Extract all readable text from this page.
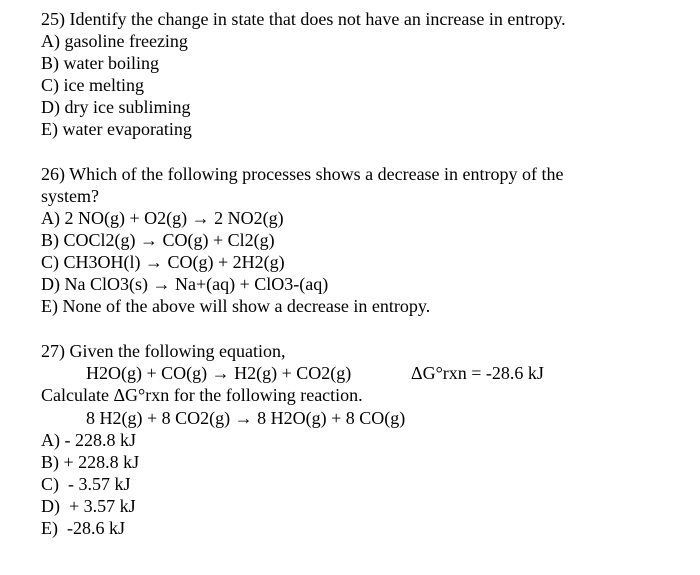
25) Identify the change in state that does not have an increase in entropy.
A) gasoline freezing
B) water boiling
C) ice melting
D) dry ice subliming
E) water evaporating
26) Which of the following processes shows a decrease in entropy of the
system?
A) 2 NO(g) + O2(g) → 2 NO2(g)
B) COCl2(g) → CO(g) + Cl2(g)
C) CH3OH(l) → CO(g) + 2H2(g)
D) Na ClO3(s) → Na+(aq) + ClO3-(aq)
E) None of the above will show a decrease in entropy.
27) Given the following equation,
H2O(g) + CO(g) → H2(g) + CO2(g)	ΔG°rxn = -28.6 kJ
Calculate ΔG°rxn for the following reaction.
8 H2(g) + 8 CO2(g) → 8 H2O(g) + 8 CO(g)
A) - 228.8 kJ
B) + 228.8 kJ
C)  - 3.57 kJ
D)  + 3.57 kJ
E)  -28.6 kJ
